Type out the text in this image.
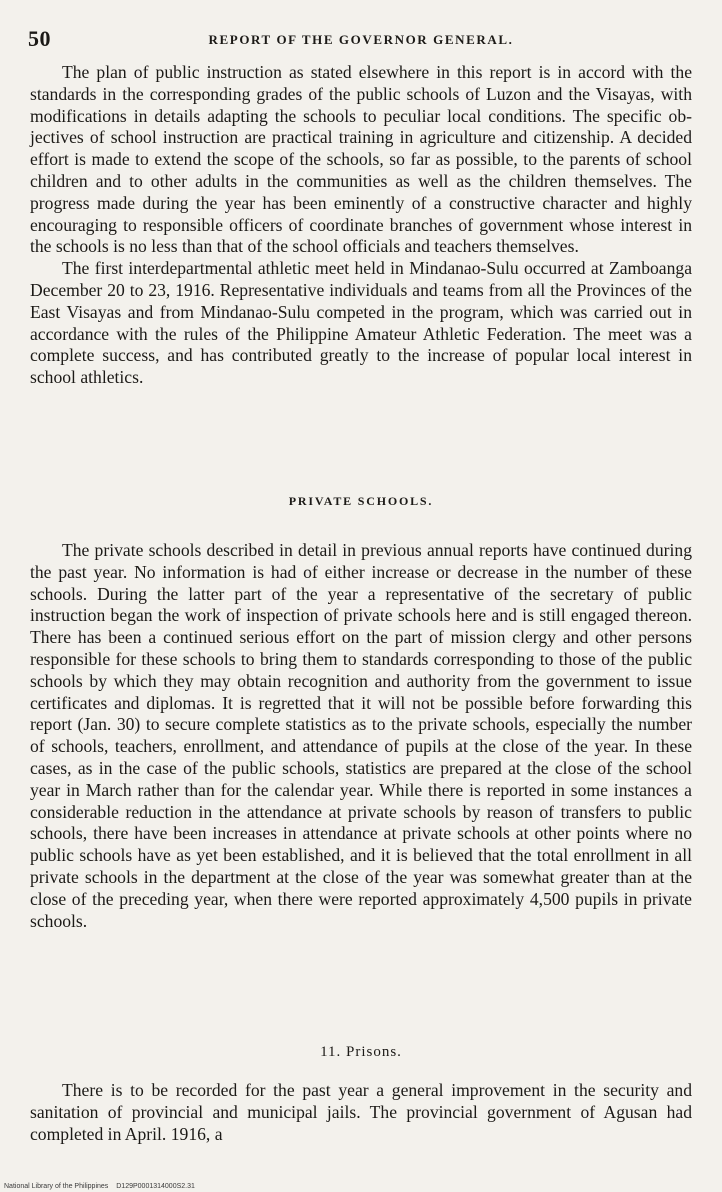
50	REPORT OF THE GOVERNOR GENERAL.

The plan of public instruction as stated elsewhere in this report is in accord with the standards in the corresponding grades of the public schools of Luzon and the Visayas, with modifications in details adapting the schools to peculiar local conditions. The specific objectives of school instruction are practical training in agriculture and citizenship. A decided effort is made to extend the scope of the schools, so far as possible, to the parents of school children and to other adults in the communities as well as the children themselves. The progress made during the year has been eminently of a constructive character and highly encouraging to responsible officers of coordinate branches of government whose interest in the schools is no less than that of the school officials and teachers themselves.

The first interdepartmental athletic meet held in Mindanao-Sulu occurred at Zamboanga December 20 to 23, 1916. Representative individuals and teams from all the Provinces of the East Visayas and from Mindanao-Sulu competed in the program, which was carried out in accordance with the rules of the Philippine Amateur Athletic Federation. The meet was a complete success, and has contributed greatly to the increase of popular local interest in school athletics.

PRIVATE SCHOOLS.

The private schools described in detail in previous annual reports have continued during the past year. No information is had of either increase or decrease in the number of these schools. During the latter part of the year a representative of the secretary of public instruction began the work of inspection of private schools here and is still engaged thereon. There has been a continued serious effort on the part of mission clergy and other persons responsible for these schools to bring them to standards corresponding to those of the public schools by which they may obtain recognition and authority from the government to issue certificates and diplomas. It is regretted that it will not be possible before forwarding this report (Jan. 30) to secure complete statistics as to the private schools, especially the number of schools, teachers, enrollment, and attendance of pupils at the close of the year. In these cases, as in the case of the public schools, statistics are prepared at the close of the school year in March rather than for the calendar year. While there is reported in some instances a considerable reduction in the attendance at private schools by reason of transfers to public schools, there have been increases in attendance at private schools at other points where no public schools have as yet been established, and it is believed that the total enrollment in all private schools in the department at the close of the year was somewhat greater than at the close of the preceding year, when there were reported approximately 4,500 pupils in private schools.

11. Prisons.

There is to be recorded for the past year a general improvement in the security and sanitation of provincial and municipal jails. The provincial government of Agusan had completed in April. 1916, a

National Library of the Philippines D129P0001314000S2.31
